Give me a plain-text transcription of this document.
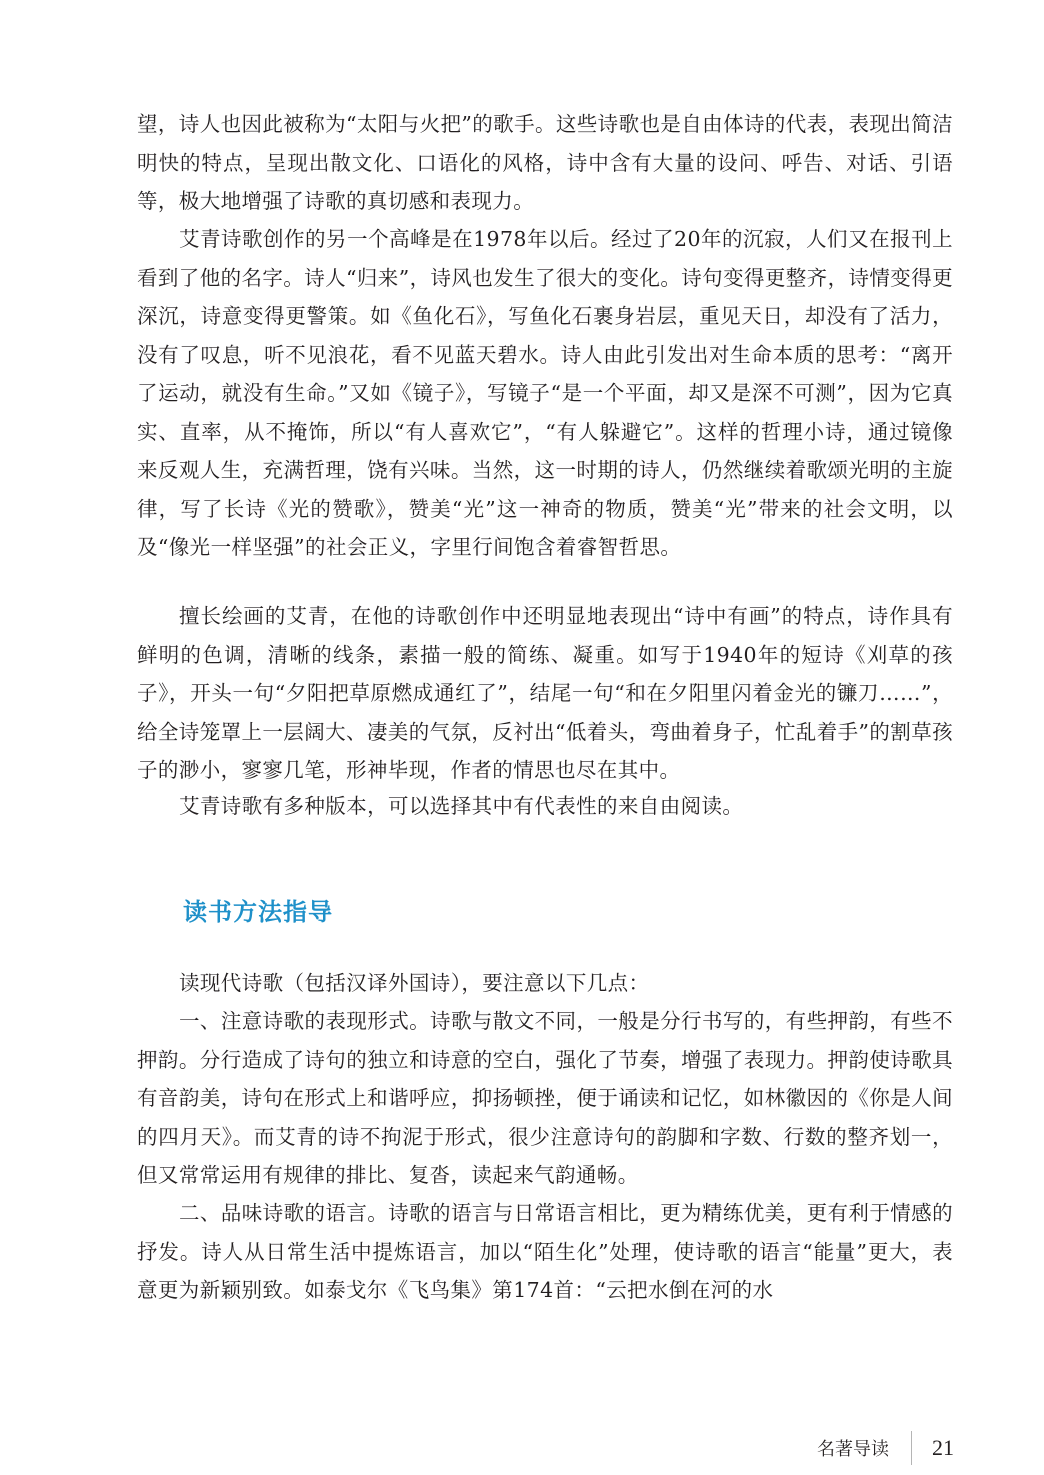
望，诗人也因此被称为“太阳与火把”的歌手。这些诗歌也是自由体诗的代表，表现出简洁明快的特点，呈现出散文化、口语化的风格，诗中含有大量的设问、呼告、对话、引语等，极大地增强了诗歌的真切感和表现力。

艾青诗歌创作的另一个高峰是在1978年以后。经过了20年的沉寂，人们又在报刊上看到了他的名字。诗人“归来”，诗风也发生了很大的变化。诗句变得更整齐，诗情变得更深沉，诗意变得更警策。如《鱼化石》，写鱼化石裹身岩层，重见天日，却没有了活力，没有了叹息，听不见浪花，看不见蓝天碧水。诗人由此引发出对生命本质的思考：“离开了运动，就没有生命。”又如《镜子》，写镜子“是一个平面，却又是深不可测”，因为它真实、直率，从不掩饰，所以“有人喜欢它”，“有人躲避它”。这样的哲理小诗，通过镜像来反观人生，充满哲理，饶有兴味。当然，这一时期的诗人，仍然继续着歌颂光明的主旋律，写了长诗《光的赞歌》，赞美“光”这一神奇的物质，赞美“光”带来的社会文明，以及“像光一样坚强”的社会正义，字里行间饱含着睿智哲思。

擅长绘画的艾青，在他的诗歌创作中还明显地表现出“诗中有画”的特点，诗作具有鲜明的色调，清晰的线条，素描一般的简练、凝重。如写于1940年的短诗《刈草的孩子》，开头一句“夕阳把草原燃成通红了”，结尾一句“和在夕阳里闪着金光的镰刀……”，给全诗笼罩上一层阔大、凄美的气氛，反衬出“低着头，弯曲着身子，忙乱着手”的割草孩子的渺小，寥寥几笔，形神毕现，作者的情思也尽在其中。

艾青诗歌有多种版本，可以选择其中有代表性的来自由阅读。

读书方法指导

读现代诗歌（包括汉译外国诗），要注意以下几点：

一、注意诗歌的表现形式。诗歌与散文不同，一般是分行书写的，有些押韵，有些不押韵。分行造成了诗句的独立和诗意的空白，强化了节奏，增强了表现力。押韵使诗歌具有音韵美，诗句在形式上和谐呼应，抑扬顿挫，便于诵读和记忆，如林徽因的《你是人间的四月天》。而艾青的诗不拘泥于形式，很少注意诗句的韵脚和字数、行数的整齐划一，但又常常运用有规律的排比、复沓，读起来气韵通畅。

二、品味诗歌的语言。诗歌的语言与日常语言相比，更为精练优美，更有利于情感的抒发。诗人从日常生活中提炼语言，加以“陌生化”处理，使诗歌的语言“能量”更大，表意更为新颖别致。如泰戈尔《飞鸟集》第174首：“云把水倒在河的水

名著导读 21
